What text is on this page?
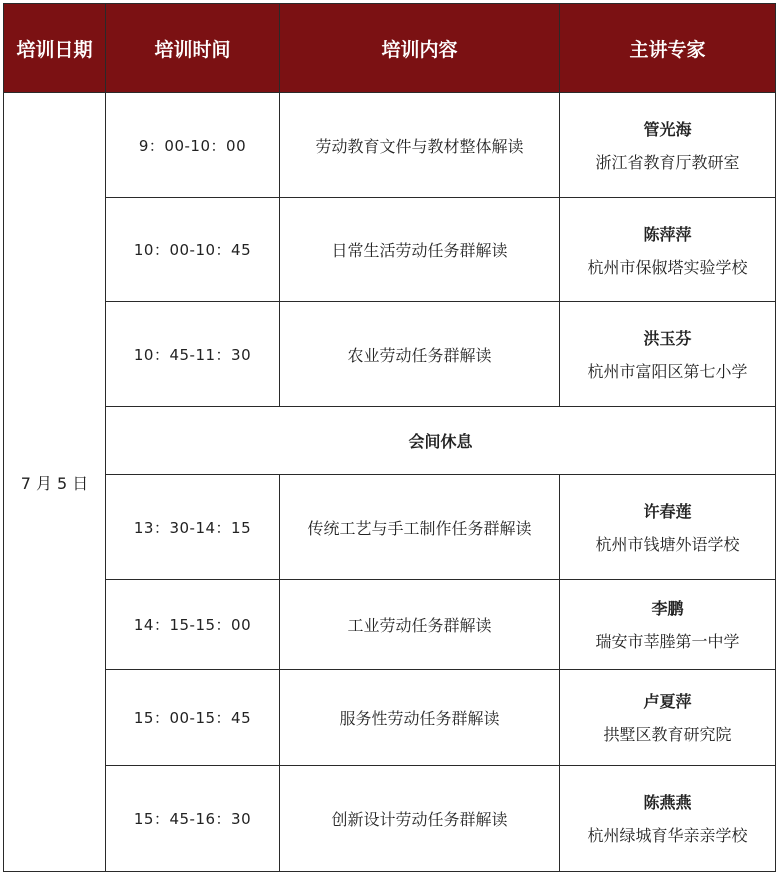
培训日期	培训时间	培训内容	主讲专家
7 月 5 日	9：00-10：00	劳动教育文件与教材整体解读	管光海
浙江省教育厅教研室

	10：00-10：45	日常生活劳动任务群解读	陈萍萍
杭州市保俶塔实验学校

	10：45-11：30	农业劳动任务群解读	洪玉芬
杭州市富阳区第七小学

	会间休息		
	13：30-14：15	传统工艺与手工制作任务群解读	许春莲
杭州市钱塘外语学校

	14：15-15：00	工业劳动任务群解读	李鹏
瑞安市莘塍第一中学

	15：00-15：45	服务性劳动任务群解读	卢夏萍
拱墅区教育研究院

	15：45-16：30	创新设计劳动任务群解读	陈燕燕
杭州绿城育华亲亲学校
